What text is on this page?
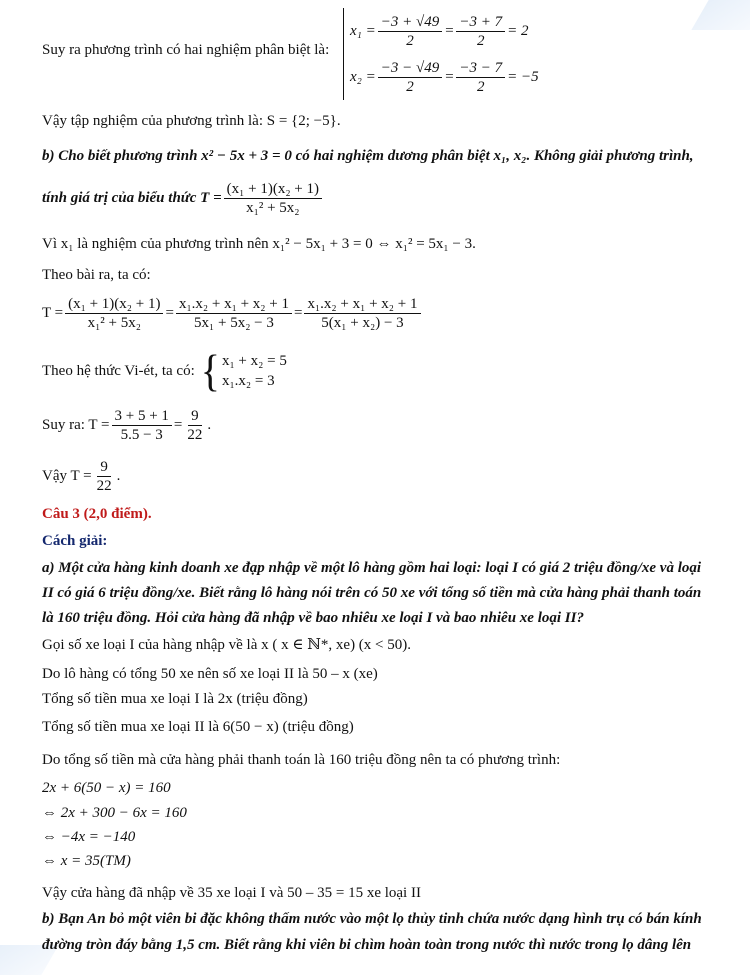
Suy ra phương trình có hai nghiệm phân biệt là:
$x_1 = \frac{-3 + √49}{2} = \frac{-3 + 7}{2} = 2$
$x_2 = \frac{-3 - √49}{2} = \frac{-3 - 7}{2} = -5$
Vậy tập nghiệm của phương trình là: S = {2; −5}.
b) Cho biết phương trình x² − 5x + 3 = 0 có hai nghiệm dương phân biệt x₁, x₂. Không giải phương trình,
tính giá trị của biểu thức $T = \frac{\text{(x₁ + 1)(x₂ + 1)}}{\text{x₁² + 5x₂}}$
Vì x₁ là nghiệm của phương trình nên x₁² − 5x₁ + 3 = 0 ⇔ x₁² = 5x₁ − 3.
Theo bài ra, ta có:
$T = \frac{\text{(x₁ + 1)(x₂ + 1)}}{\text{x₁² + 5x₂}} = \frac{\text{x₁.x₂ + x₁ + x₂ + 1}}{\text{5x₁ + 5x₂ − 3}} = \frac{\text{x₁.x₂ + x₁ + x₂ + 1}}{\text{5(x₁ + x₂) − 3}}$
Theo hệ thức Vi-ét, ta có: { x₁ + x₂ = 5
x₁.x₂ = 3
Suy ra: $T = \frac{3 + 5 + 1}{5.5 - 3} = \frac{9}{22}$ .
Vậy $T = \frac{9}{22}$ .
Câu 3 (2,0 điểm).
Cách giải:
a) Một cửa hàng kinh doanh xe đạp nhập về một lô hàng gồm hai loại: loại I có giá 2 triệu đồng/xe và loại
II có giá 6 triệu đồng/xe. Biết rằng lô hàng nói trên có 50 xe với tổng số tiền mà cửa hàng phải thanh toán
là 160 triệu đồng. Hỏi cửa hàng đã nhập về bao nhiêu xe loại I và bao nhiêu xe loại II?
Gọi số xe loại I của hàng nhập về là x ( x ∈ ℕ*, xe) (x < 50).
Do lô hàng có tổng 50 xe nên số xe loại II là 50 – x (xe)
Tổng số tiền mua xe loại I là 2x (triệu đồng)
Tổng số tiền mua xe loại II là 6(50 − x) (triệu đồng)
Do tổng số tiền mà cửa hàng phải thanh toán là 160 triệu đồng nên ta có phương trình:
2x + 6(50 − x) = 160
⇔ 2x + 300 − 6x = 160
⇔ −4x = −140
⇔ x = 35(TM)
Vậy cửa hàng đã nhập về 35 xe loại I và 50 – 35 = 15 xe loại II
b) Bạn An bỏ một viên bi đặc không thấm nước vào một lọ thủy tinh chứa nước dạng hình trụ có bán kính
đường tròn đáy bằng 1,5 cm. Biết rằng khi viên bi chìm hoàn toàn trong nước thì nước trong lọ dâng lên
